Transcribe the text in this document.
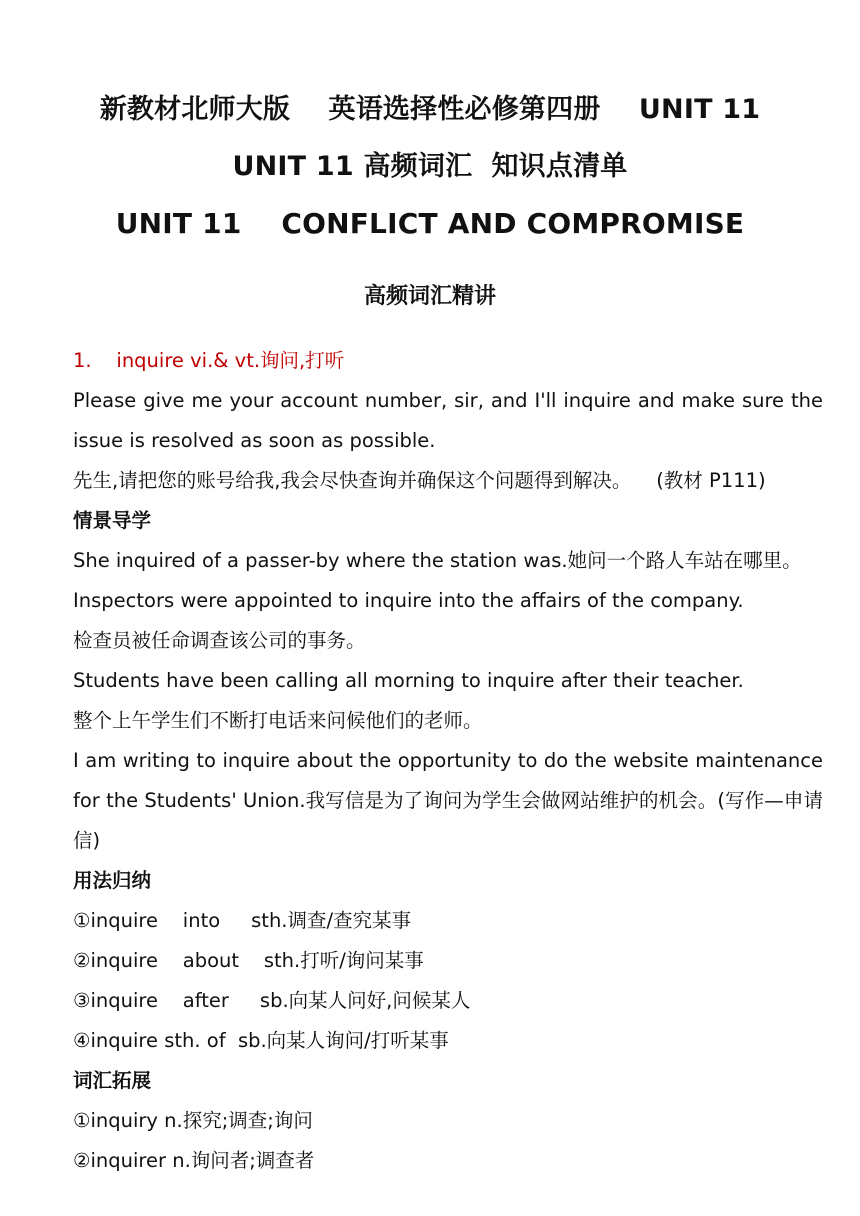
新教材北师大版    英语选择性必修第四册    UNIT 11
UNIT 11 高频词汇  知识点清单
UNIT 11    CONFLICT AND COMPROMISE
高频词汇精讲
1.    inquire vi.& vt.询问,打听
Please give me your account number, sir, and I'll inquire and make sure the issue is resolved as soon as possible.
先生,请把您的账号给我,我会尽快查询并确保这个问题得到解决。    (教材 P111)
情景导学
She inquired of a passer-by where the station was.她问一个路人车站在哪里。
Inspectors were appointed to inquire into the affairs of the company.
检查员被任命调查该公司的事务。
Students have been calling all morning to inquire after their teacher.
整个上午学生们不断打电话来问候他们的老师。
I am writing to inquire about the opportunity to do the website maintenance for the Students' Union.我写信是为了询问为学生会做网站维护的机会。(写作—申请信)
用法归纳
①inquire    into     sth.调查/查究某事
②inquire    about    sth.打听/询问某事
③inquire    after     sb.向某人问好,问候某人
④inquire sth. of  sb.向某人询问/打听某事
词汇拓展
①inquiry n.探究;调查;询问
②inquirer n.询问者;调查者
